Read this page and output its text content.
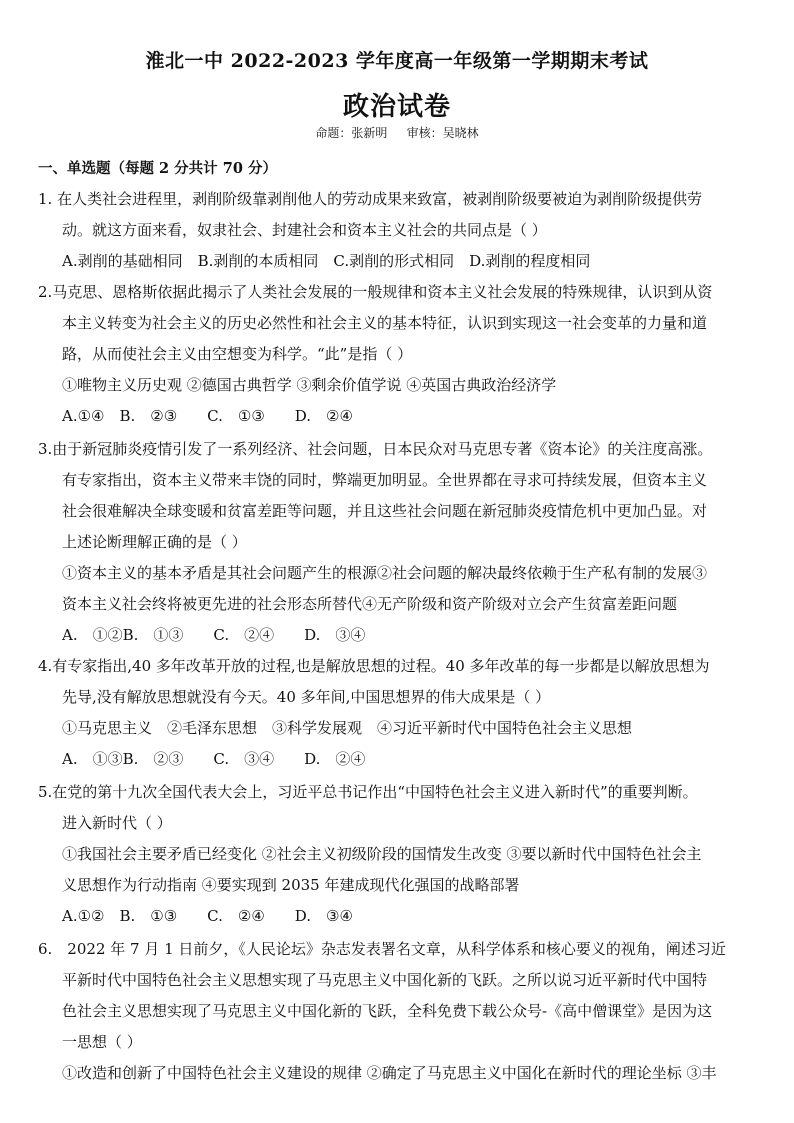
淮北一中 2022-2023 学年度高一年级第一学期期末考试
政治试卷
命题：张新明 审核：吴晓林
一、单选题（每题 2 分共计 70 分）
1. 在人类社会进程里，剥削阶级靠剥削他人的劳动成果来致富，被剥削阶级要被迫为剥削阶级提供劳
动。就这方面来看，奴隶社会、封建社会和资本主义社会的共同点是（ ）
A.剥削的基础相同　B.剥削的本质相同　C.剥削的形式相同　D.剥削的程度相同
2.马克思、恩格斯依据此揭示了人类社会发展的一般规律和资本主义社会发展的特殊规律，认识到从资
本主义转变为社会主义的历史必然性和社会主义的基本特征，认识到实现这一社会变革的力量和道
路，从而使社会主义由空想变为科学。“此”是指（ ）
①唯物主义历史观 ②德国古典哲学 ③剩余价值学说 ④英国古典政治经济学
A.①④　B.　②③　　C.　①③　　D.　②④
3.由于新冠肺炎疫情引发了一系列经济、社会问题，日本民众对马克思专著《资本论》的关注度高涨。
有专家指出，资本主义带来丰饶的同时，弊端更加明显。全世界都在寻求可持续发展，但资本主义
社会很难解决全球变暖和贫富差距等问题，并且这些社会问题在新冠肺炎疫情危机中更加凸显。对
上述论断理解正确的是（ ）
①资本主义的基本矛盾是其社会问题产生的根源②社会问题的解决最终依赖于生产私有制的发展③
资本主义社会终将被更先进的社会形态所替代④无产阶级和资产阶级对立会产生贫富差距问题
A.　①②B.　①③　　C.　②④　　D.　③④
4.有专家指出,40 多年改革开放的过程,也是解放思想的过程。40 多年改革的每一步都是以解放思想为
先导,没有解放思想就没有今天。40 多年间,中国思想界的伟大成果是（ ）
①马克思主义　②毛泽东思想　③科学发展观　④习近平新时代中国特色社会主义思想
A.　①③B.　②③　　C.　③④　　D.　②④
5.在党的第十九次全国代表大会上，习近平总书记作出“中国特色社会主义进入新时代”的重要判断。
进入新时代（ ）
①我国社会主要矛盾已经变化 ②社会主义初级阶段的国情发生改变 ③要以新时代中国特色社会主
义思想作为行动指南 ④要实现到 2035 年建成现代化强国的战略部署
A.①②　B.　①③　　C.　②④　　D.　③④
6.　2022 年 7 月 1 日前夕，《人民论坛》杂志发表署名文章，从科学体系和核心要义的视角，阐述习近
平新时代中国特色社会主义思想实现了马克思主义中国化新的飞跃。之所以说习近平新时代中国特
色社会主义思想实现了马克思主义中国化新的飞跃，全科免费下载公众号-《高中僧课堂》是因为这
一思想（ ）
①改造和创新了中国特色社会主义建设的规律 ②确定了马克思主义中国化在新时代的理论坐标 ③丰
